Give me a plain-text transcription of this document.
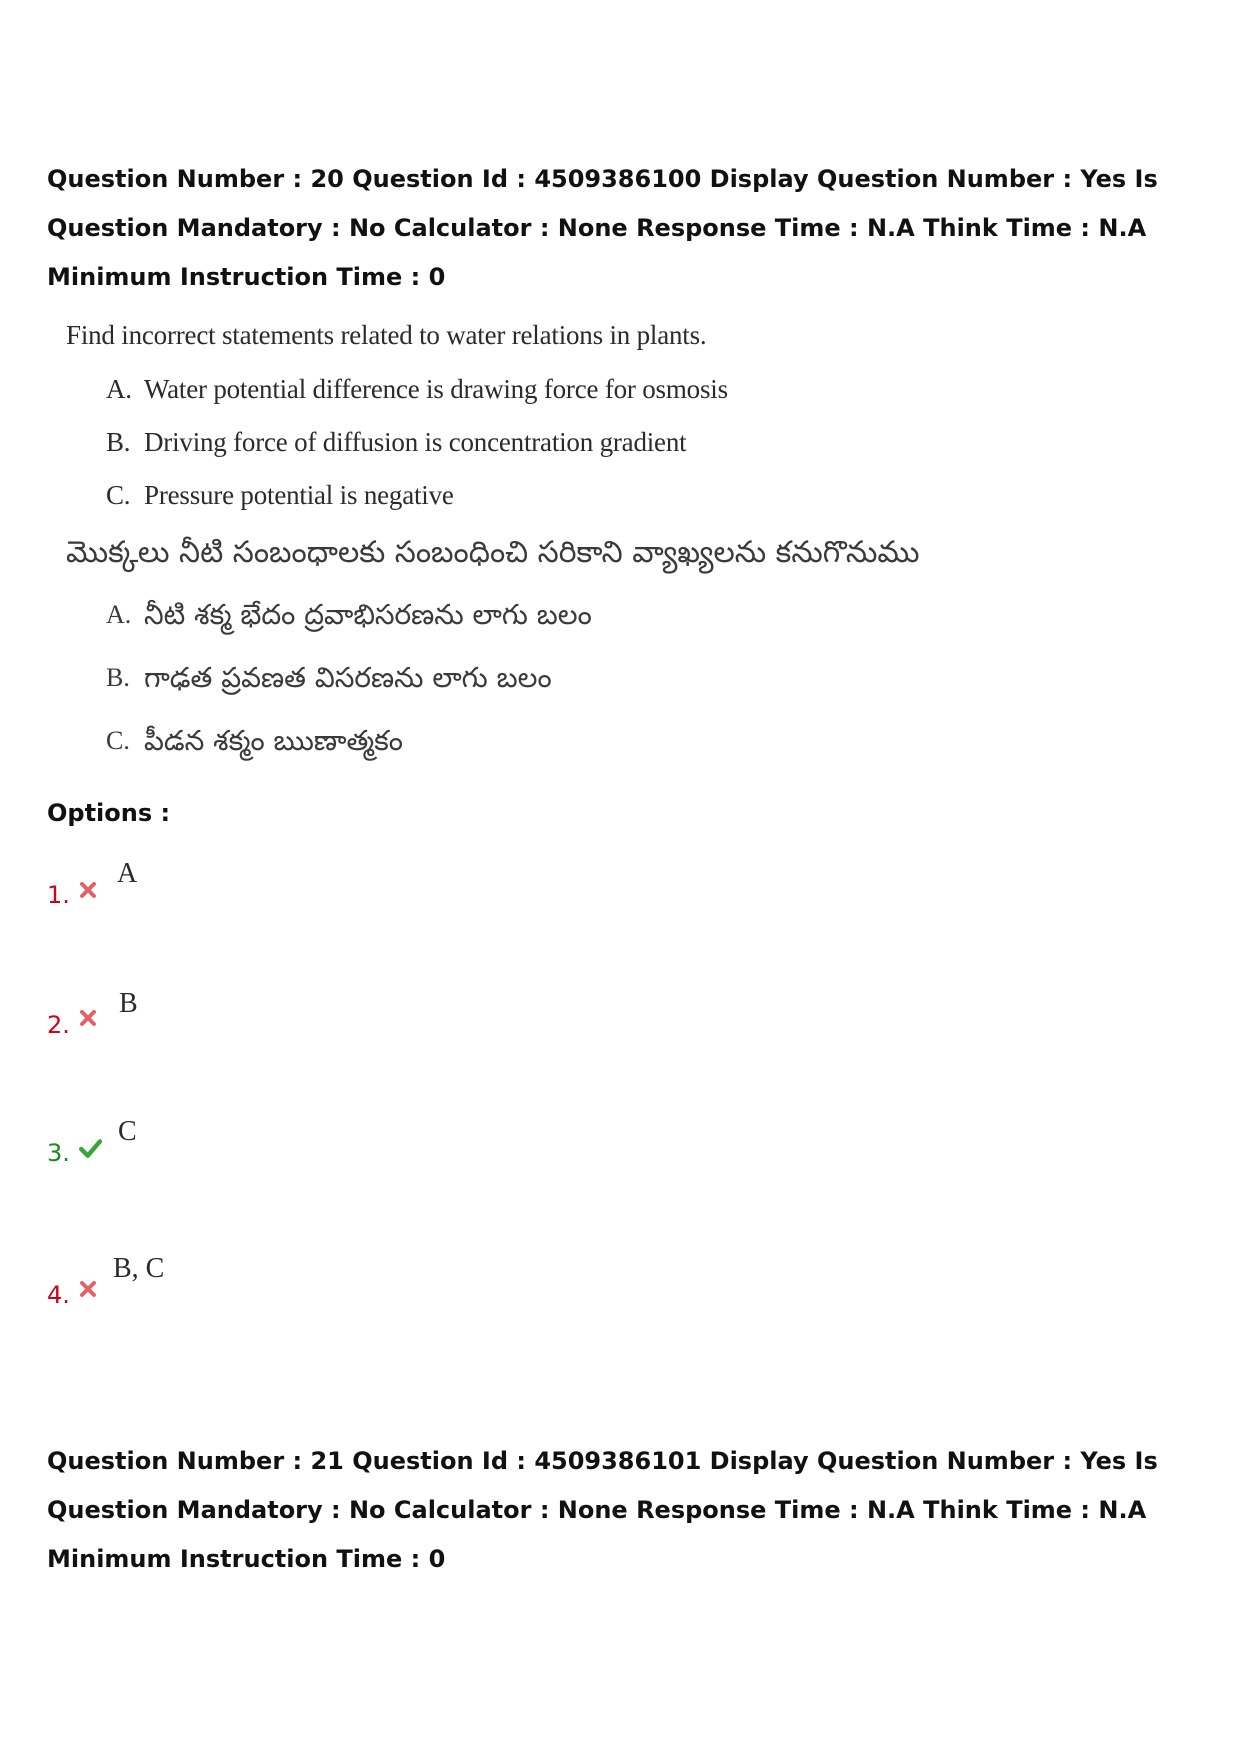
Question Number : 20 Question Id : 4509386100 Display Question Number : Yes Is Question Mandatory : No Calculator : None Response Time : N.A Think Time : N.A Minimum Instruction Time : 0

Find incorrect statements related to water relations in plants.

A. Water potential difference is drawing force for osmosis
B. Driving force of diffusion is concentration gradient
C. Pressure potential is negative

మొక్కలు నీటి సంబంధాలకు సంబంధించి సరికాని వ్యాఖ్యలను కనుగొనుము

A. నీటి శక్మ భేదం ద్రవాభిసరణను లాగు బలం
B. గాఢత ప్రవణత విసరణను లాగు బలం
C. పీడన శక్మం ఋణాత్మకం

Options :

1.
A
2.
B
3.
C
4.
B, C

Question Number : 21 Question Id : 4509386101 Display Question Number : Yes Is Question Mandatory : No Calculator : None Response Time : N.A Think Time : N.A Minimum Instruction Time : 0
